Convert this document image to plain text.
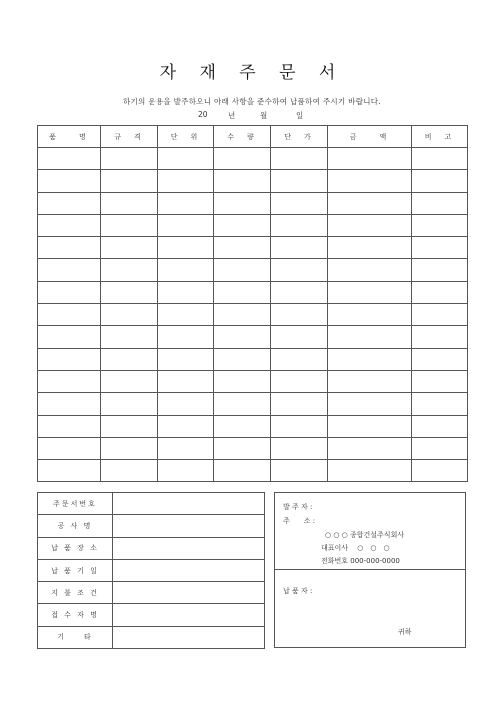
자 재 주 문 서
하기의 운용을 발주하오니 아래 사항을 준수하여 납품하여 주시기 바랍니다.
20	년	월	일
품　　명	규　격	단　위	수　량	단　가	금　　액	비　고

주문서번호	
공 사 명	
납 품 장 소	
납 품 기 일	
지 불 조 건	
접 수 자 명	
기　　타	
발 주 자 :
주　　소 :
○ ○ ○ 종합건설주식회사
대표이사　 ○　○　○
전화번호 000-000-0000
납 품 자 :
귀하
